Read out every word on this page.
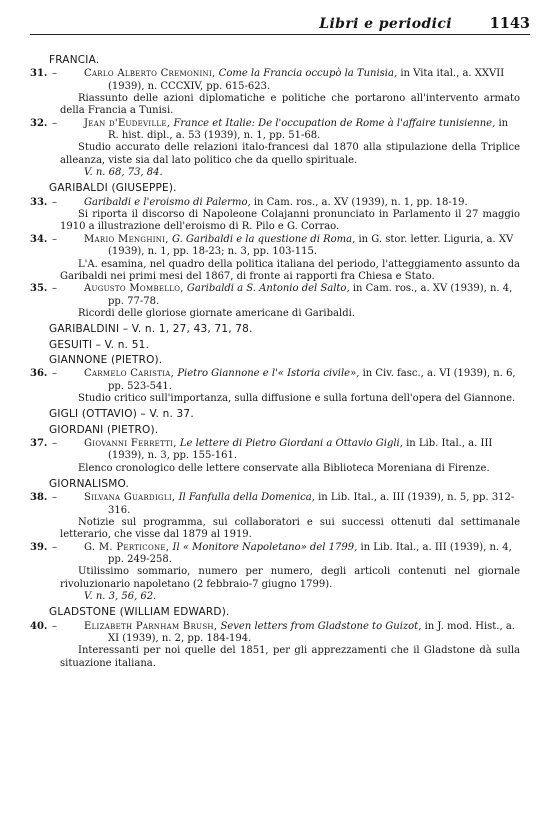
Libri e periodici	1143
FRANCIA.
31. –	Carlo Alberto Cremonini, Come la Francia occupò la Tunisia, in Vita ital., a. XXVII (1939), n. CCCXIV, pp. 615-623.
Riassunto delle azioni diplomatiche e politiche che portarono all'intervento armato della Francia a Tunisi.
32. –	Jean d'Eudeville, France et Italie: De l'occupation de Rome à l'affaire tunisienne, in R. hist. dipl., a. 53 (1939), n. 1, pp. 51-68.
Studio accurato delle relazioni italo-francesi dal 1870 alla stipulazione della Triplice alleanza, viste sia dal lato politico che da quello spirituale.
V. n. 68, 73, 84.
GARIBALDI (GIUSEPPE).
33. –	Garibaldi e l'eroismo di Palermo, in Cam. ros., a. XV (1939), n. 1, pp. 18-19.
Si riporta il discorso di Napoleone Colajanni pronunciato in Parlamento il 27 maggio 1910 a illustrazione dell'eroismo di R. Pilo e G. Corrao.
34. –	Mario Menghini, G. Garibaldi e la questione di Roma, in G. stor. letter. Liguria, a. XV (1939), n. 1, pp. 18-23; n. 3, pp. 103-115.
L'A. esamina, nel quadro della politica italiana del periodo, l'atteggiamento assunto da Garibaldi nei primi mesi del 1867, di fronte ai rapporti fra Chiesa e Stato.
35. –	Augusto Mombello, Garibaldi a S. Antonio del Salto, in Cam. ros., a. XV (1939), n. 4, pp. 77-78.
Ricordi delle gloriose giornate americane di Garibaldi.
GARIBALDINI – V. n. 1, 27, 43, 71, 78.
GESUITI – V. n. 51.
GIANNONE (PIETRO).
36. –	Carmelo Caristia, Pietro Giannone e l'« Istoria civile», in Civ. fasc., a. VI (1939), n. 6, pp. 523-541.
Studio critico sull'importanza, sulla diffusione e sulla fortuna dell'opera del Giannone.
GIGLI (OTTAVIO) – V. n. 37.
GIORDANI (PIETRO).
37. –	Giovanni Ferretti, Le lettere di Pietro Giordani a Ottavio Gigli, in Lib. Ital., a. III (1939), n. 3, pp. 155-161.
Elenco cronologico delle lettere conservate alla Biblioteca Moreniana di Firenze.
GIORNALISMO.
38. –	Silvana Guardigli, Il Fanfulla della Domenica, in Lib. Ital., a. III (1939), n. 5, pp. 312-316.
Notizie sul programma, sui collaboratori e sui successi ottenuti dal settimanale letterario, che visse dal 1879 al 1919.
39. –	G. M. Perticone, Il « Monitore Napoletano» del 1799, in Lib. Ital., a. III (1939), n. 4, pp. 249-258.
Utilissimo sommario, numero per numero, degli articoli contenuti nel giornale rivoluzionario napoletano (2 febbraio-7 giugno 1799).
V. n. 3, 56, 62.
GLADSTONE (WILLIAM EDWARD).
40. –	Elizabeth Parnham Brush, Seven letters from Gladstone to Guizot, in J. mod. Hist., a. XI (1939), n. 2, pp. 184-194.
Interessanti per noi quelle del 1851, per gli apprezzamenti che il Gladstone dà sulla situazione italiana.
